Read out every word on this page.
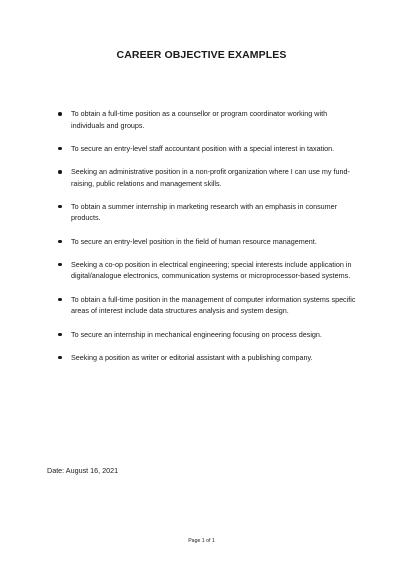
CAREER OBJECTIVE EXAMPLES
To obtain a full-time position as a counsellor or program coordinator working with individuals and groups.
To secure an entry-level staff accountant position with a special interest in taxation.
Seeking an administrative position in a non-profit organization where I can use my fund-raising, public relations and management skills.
To obtain a summer internship in marketing research with an emphasis in consumer products.
To secure an entry-level position in the field of human resource management.
Seeking a co-op position in electrical engineering; special interests include application in digital/analogue electronics, communication systems or microprocessor-based systems.
To obtain a full-time position in the management of computer information systems specific areas of interest include data structures analysis and system design.
To secure an internship in mechanical engineering focusing on process design.
Seeking a position as writer or editorial assistant with a publishing company.
Date: August 16, 2021
Page 1 of 1
